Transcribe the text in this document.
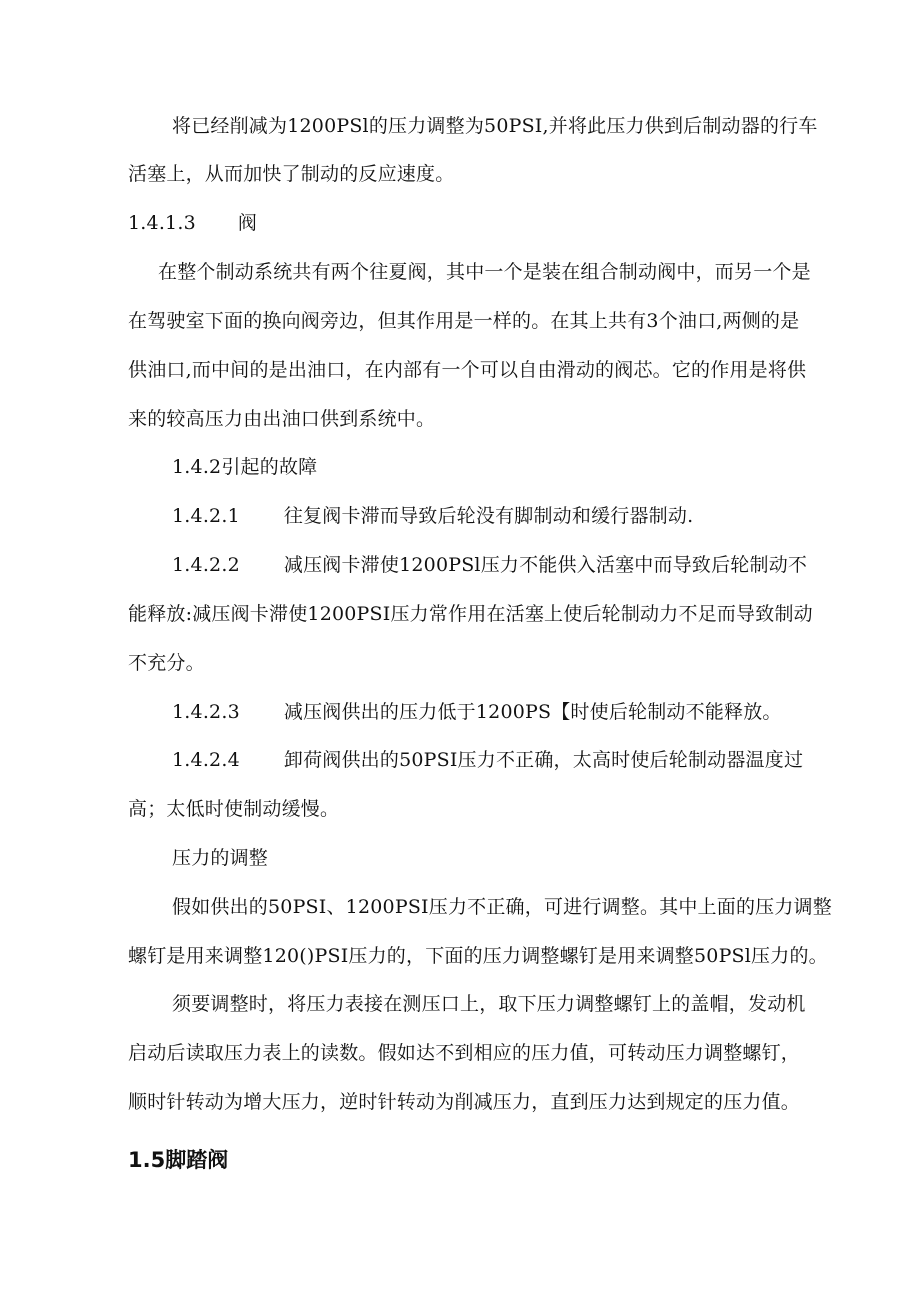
将已经削减为1200PSl的压力调整为50PSI,并将此压力供到后制动器的行车
活塞上，从而加快了制动的反应速度。
1.4.1.3 阀
在整个制动系统共有两个往夏阀，其中一个是装在组合制动阀中，而另一个是
在驾驶室下面的换向阀旁边，但其作用是一样的。在其上共有3个油口,两侧的是
供油口,而中间的是出油口，在内部有一个可以自由滑动的阀芯。它的作用是将供
来的较高压力由出油口供到系统中。
1.4.2引起的故障
1.4.2.1 往复阀卡滞而导致后轮没有脚制动和缓行器制动.
1.4.2.2 减压阀卡滞使1200PSl压力不能供入活塞中而导致后轮制动不
能释放:减压阀卡滞使1200PSI压力常作用在活塞上使后轮制动力不足而导致制动
不充分。
1.4.2.3 减压阀供出的压力低于1200PS【时使后轮制动不能释放。
1.4.2.4 卸荷阀供出的50PSI压力不正确，太高时使后轮制动器温度过
高；太低时使制动缓慢。
压力的调整
假如供出的50PSI、1200PSI压力不正确，可进行调整。其中上面的压力调整
螺钉是用来调整120()PSI压力的，下面的压力调整螺钉是用来调整50PSl压力的。
须要调整时，将压力表接在测压口上，取下压力调整螺钉上的盖帽，发动机
启动后读取压力表上的读数。假如达不到相应的压力值，可转动压力调整螺钉，
顺时针转动为增大压力，逆时针转动为削减压力，直到压力达到规定的压力值。
1.5脚踏阀
